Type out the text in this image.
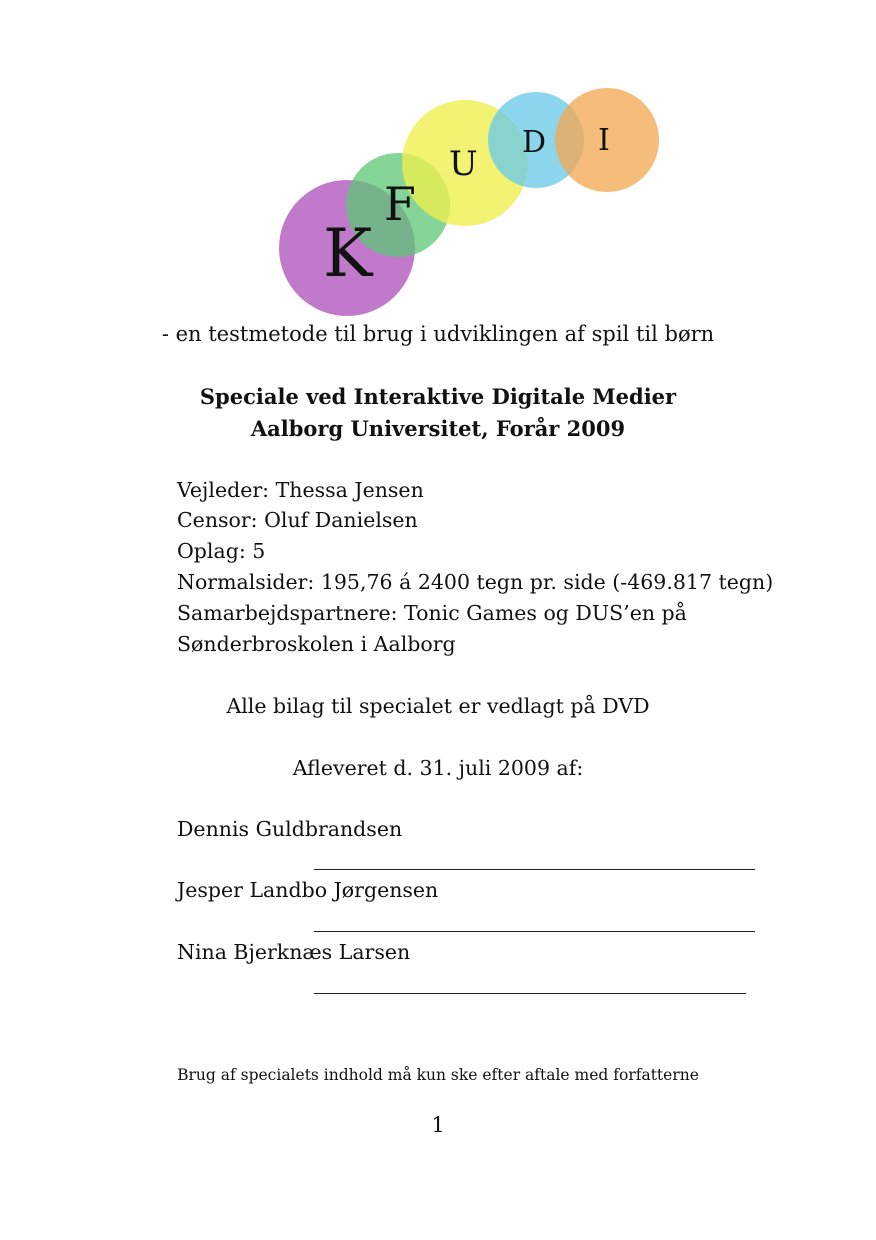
K
F
U
D I
- en testmetode til brug i udviklingen af spil til børn
Speciale ved Interaktive Digitale Medier
Aalborg Universitet, Forår 2009
Vejleder: Thessa Jensen
Censor: Oluf Danielsen
Oplag: 5
Normalsider: 195,76 á 2400 tegn pr. side (-469.817 tegn)
Samarbejdspartnere: Tonic Games og DUS’en på
Sønderbroskolen i Aalborg
Alle bilag til specialet er vedlagt på DVD
Afleveret d. 31. juli 2009 af:
Dennis Guldbrandsen
Jesper Landbo Jørgensen
Nina Bjerknæs Larsen
Brug af specialets indhold må kun ske efter aftale med forfatterne
1
